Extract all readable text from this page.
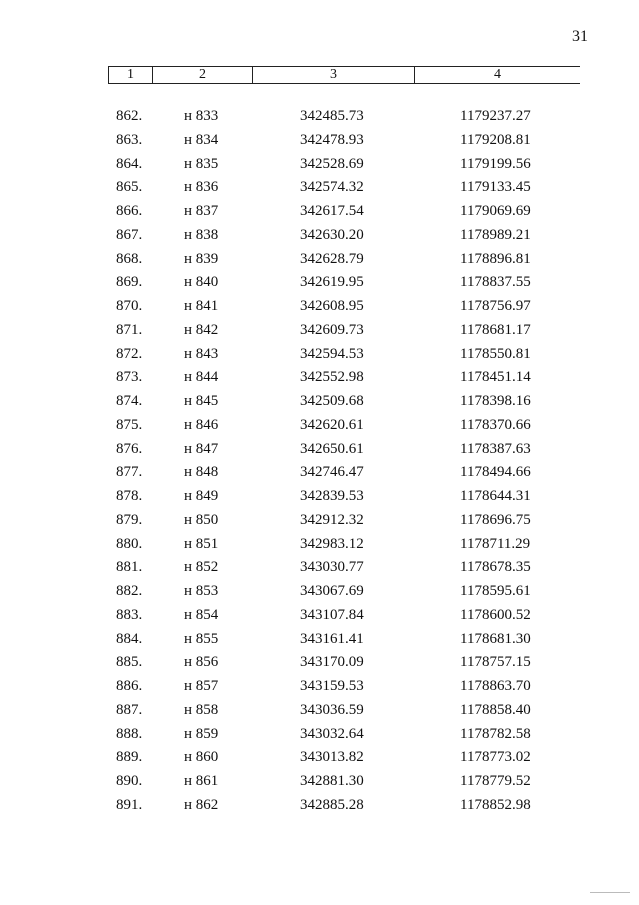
31
1	2	3	4
862.	н 833	342485.73	1179237.27
863.	н 834	342478.93	1179208.81
864.	н 835	342528.69	1179199.56
865.	н 836	342574.32	1179133.45
866.	н 837	342617.54	1179069.69
867.	н 838	342630.20	1178989.21
868.	н 839	342628.79	1178896.81
869.	н 840	342619.95	1178837.55
870.	н 841	342608.95	1178756.97
871.	н 842	342609.73	1178681.17
872.	н 843	342594.53	1178550.81
873.	н 844	342552.98	1178451.14
874.	н 845	342509.68	1178398.16
875.	н 846	342620.61	1178370.66
876.	н 847	342650.61	1178387.63
877.	н 848	342746.47	1178494.66
878.	н 849	342839.53	1178644.31
879.	н 850	342912.32	1178696.75
880.	н 851	342983.12	1178711.29
881.	н 852	343030.77	1178678.35
882.	н 853	343067.69	1178595.61
883.	н 854	343107.84	1178600.52
884.	н 855	343161.41	1178681.30
885.	н 856	343170.09	1178757.15
886.	н 857	343159.53	1178863.70
887.	н 858	343036.59	1178858.40
888.	н 859	343032.64	1178782.58
889.	н 860	343013.82	1178773.02
890.	н 861	342881.30	1178779.52
891.	н 862	342885.28	1178852.98
